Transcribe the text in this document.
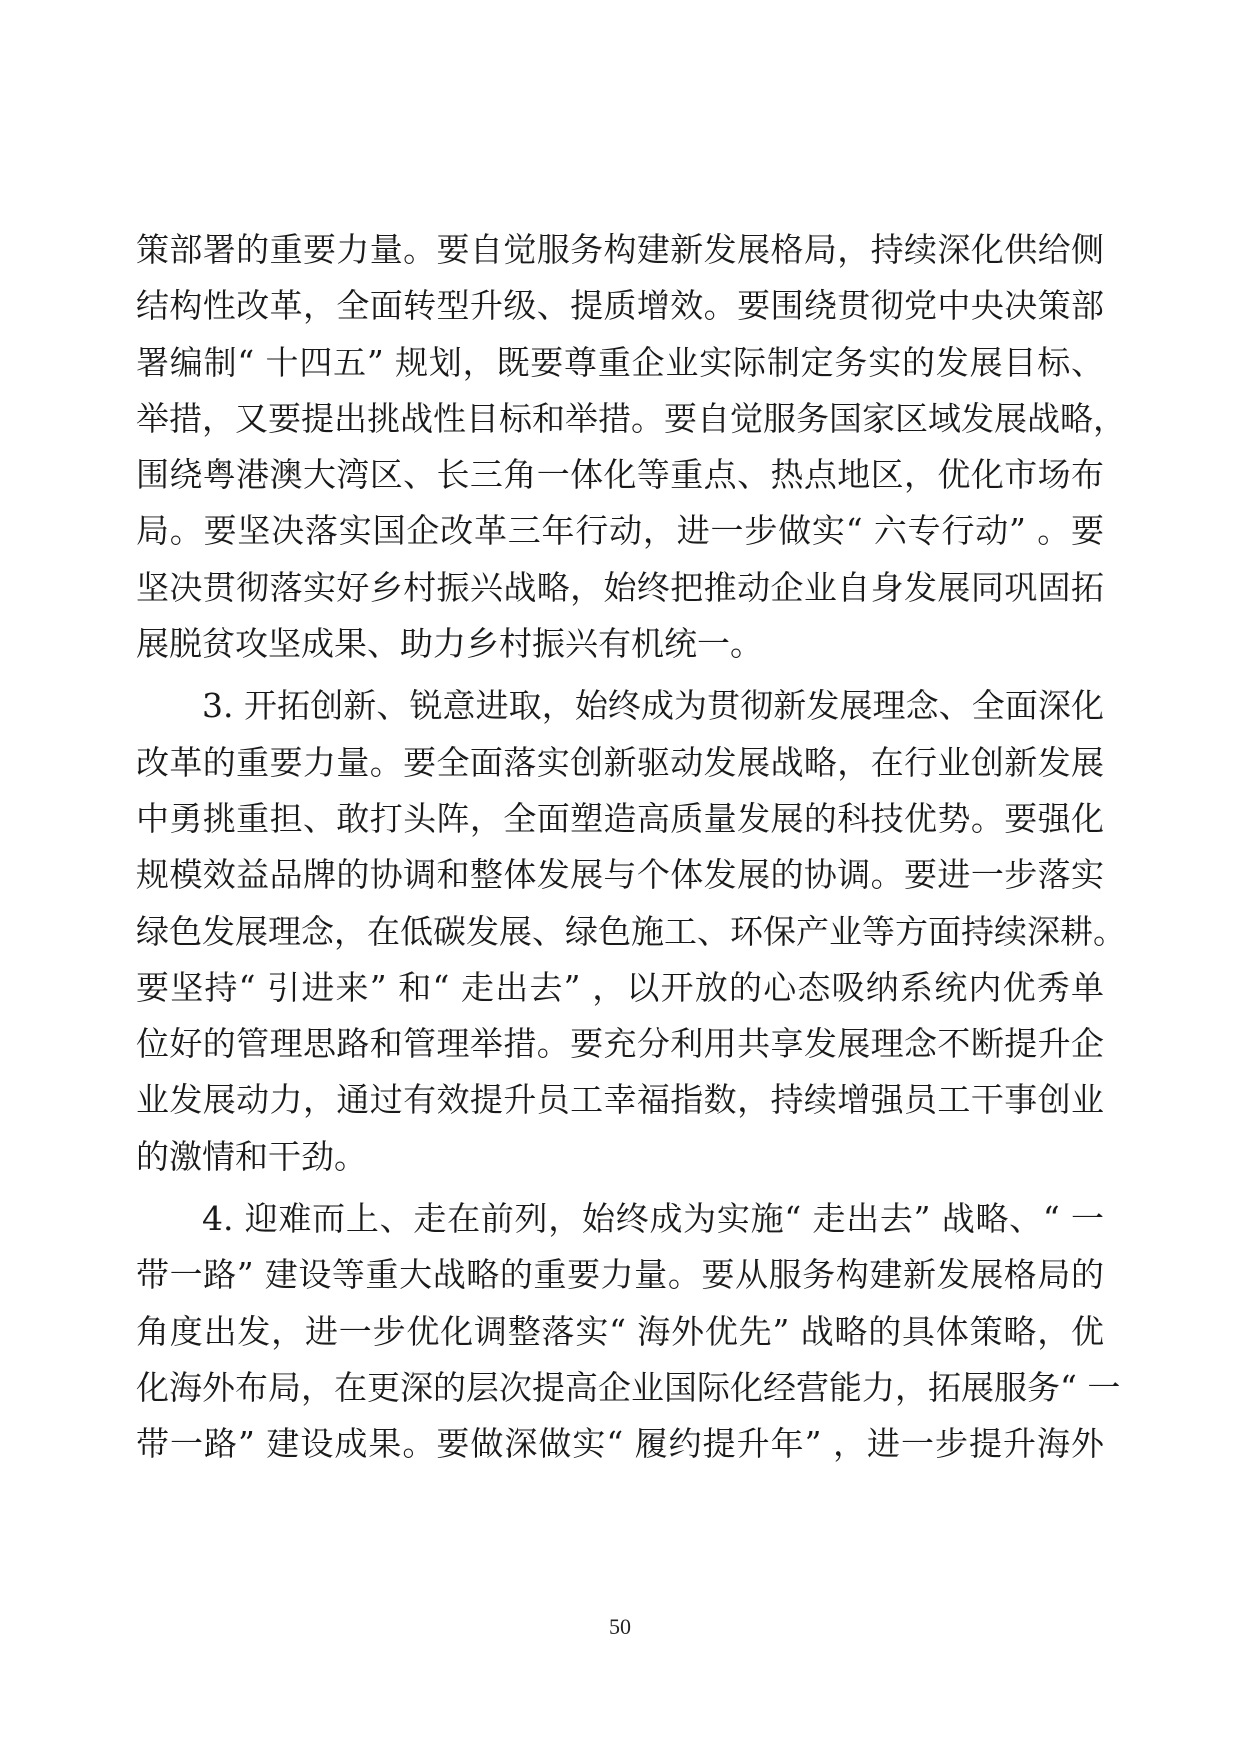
策部署的重要力量。要自觉服务构建新发展格局，持续深化供给侧
结构性改革，全面转型升级、提质增效。要围绕贯彻党中央决策部
署编制“ 十四五” 规划，既要尊重企业实际制定务实的发展目标、
举措，又要提出挑战性目标和举措。要自觉服务国家区域发展战略，
围绕粤港澳大湾区、长三角一体化等重点、热点地区，优化市场布
局。要坚决落实国企改革三年行动，进一步做实“ 六专行动” 。要
坚决贯彻落实好乡村振兴战略，始终把推动企业自身发展同巩固拓
展脱贫攻坚成果、助力乡村振兴有机统一。
3. 开拓创新、锐意进取，始终成为贯彻新发展理念、全面深化
改革的重要力量。要全面落实创新驱动发展战略，在行业创新发展
中勇挑重担、敢打头阵，全面塑造高质量发展的科技优势。要强化
规模效益品牌的协调和整体发展与个体发展的协调。要进一步落实
绿色发展理念，在低碳发展、绿色施工、环保产业等方面持续深耕。
要坚持“ 引进来” 和“ 走出去” ，以开放的心态吸纳系统内优秀单
位好的管理思路和管理举措。要充分利用共享发展理念不断提升企
业发展动力，通过有效提升员工幸福指数，持续增强员工干事创业
的激情和干劲。
4. 迎难而上、走在前列，始终成为实施“ 走出去” 战略、“ 一
带一路” 建设等重大战略的重要力量。要从服务构建新发展格局的
角度出发，进一步优化调整落实“ 海外优先” 战略的具体策略，优
化海外布局，在更深的层次提高企业国际化经营能力，拓展服务“ 一
带一路” 建设成果。要做深做实“ 履约提升年” ，进一步提升海外
50
